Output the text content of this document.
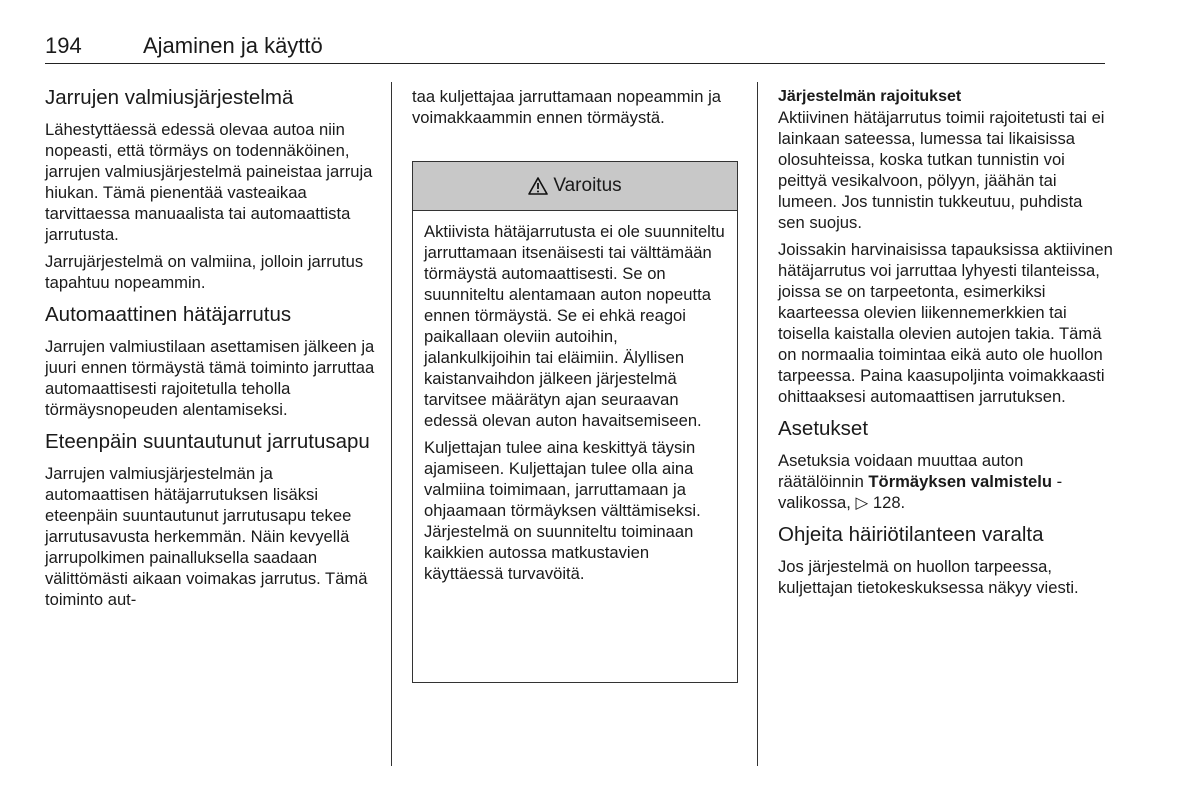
194	Ajaminen ja käyttö
Jarrujen valmiusjärjestelmä

Lähestyttäessä edessä olevaa autoa niin nopeasti, että törmäys on todennäköinen, jarrujen valmiusjärjestelmä paineistaa jarruja hiukan. Tämä pienentää vasteaikaa tarvittaessa manuaalista tai automaattista jarrutusta.

Jarrujärjestelmä on valmiina, jolloin jarrutus tapahtuu nopeammin.

Automaattinen hätäjarrutus

Jarrujen valmiustilaan asettamisen jälkeen ja juuri ennen törmäystä tämä toiminto jarruttaa automaattisesti rajoitetulla teholla törmäysnopeuden alentamiseksi.

Eteenpäin suuntautunut jarrutusapu

Jarrujen valmiusjärjestelmän ja automaattisen hätäjarrutuksen lisäksi eteenpäin suuntautunut jarrutusapu tekee jarrutusavusta herkemmän. Näin kevyellä jarrupolkimen painalluksella saadaan välittömästi aikaan voimakas jarrutus. Tämä toiminto aut-

taa kuljettajaa jarruttamaan nopeammin ja voimakkaammin ennen törmäystä.

Varoitus

Aktiivista hätäjarrutusta ei ole suunniteltu jarruttamaan itsenäisesti tai välttämään törmäystä automaattisesti. Se on suunniteltu alentamaan auton nopeutta ennen törmäystä. Se ei ehkä reagoi paikallaan oleviin autoihin, jalankulkijoihin tai eläimiin. Älyllisen kaistanvaihdon jälkeen järjestelmä tarvitsee määrätyn ajan seuraavan edessä olevan auton havaitsemiseen.

Kuljettajan tulee aina keskittyä täysin ajamiseen. Kuljettajan tulee olla aina valmiina toimimaan, jarruttamaan ja ohjaamaan törmäyksen välttämiseksi. Järjestelmä on suunniteltu toiminaan kaikkien autossa matkustavien käyttäessä turvavöitä.

Järjestelmän rajoitukset

Aktiivinen hätäjarrutus toimii rajoitetusti tai ei lainkaan sateessa, lumessa tai likaisissa olosuhteissa, koska tutkan tunnistin voi peittyä vesikalvoon, pölyyn, jäähän tai lumeen. Jos tunnistin tukkeutuu, puhdista sen suojus.

Joissakin harvinaisissa tapauksissa aktiivinen hätäjarrutus voi jarruttaa lyhyesti tilanteissa, joissa se on tarpeetonta, esimerkiksi kaarteessa olevien liikennemerkkien tai toisella kaistalla olevien autojen takia. Tämä on normaalia toimintaa eikä auto ole huollon tarpeessa. Paina kaasupoljinta voimakkaasti ohittaaksesi automaattisen jarrutuksen.

Asetukset

Asetuksia voidaan muuttaa auton räätälöinnin Törmäyksen valmistelu -valikossa, ▷ 128.

Ohjeita häiriötilanteen varalta

Jos järjestelmä on huollon tarpeessa, kuljettajan tietokeskuksessa näkyy viesti.
